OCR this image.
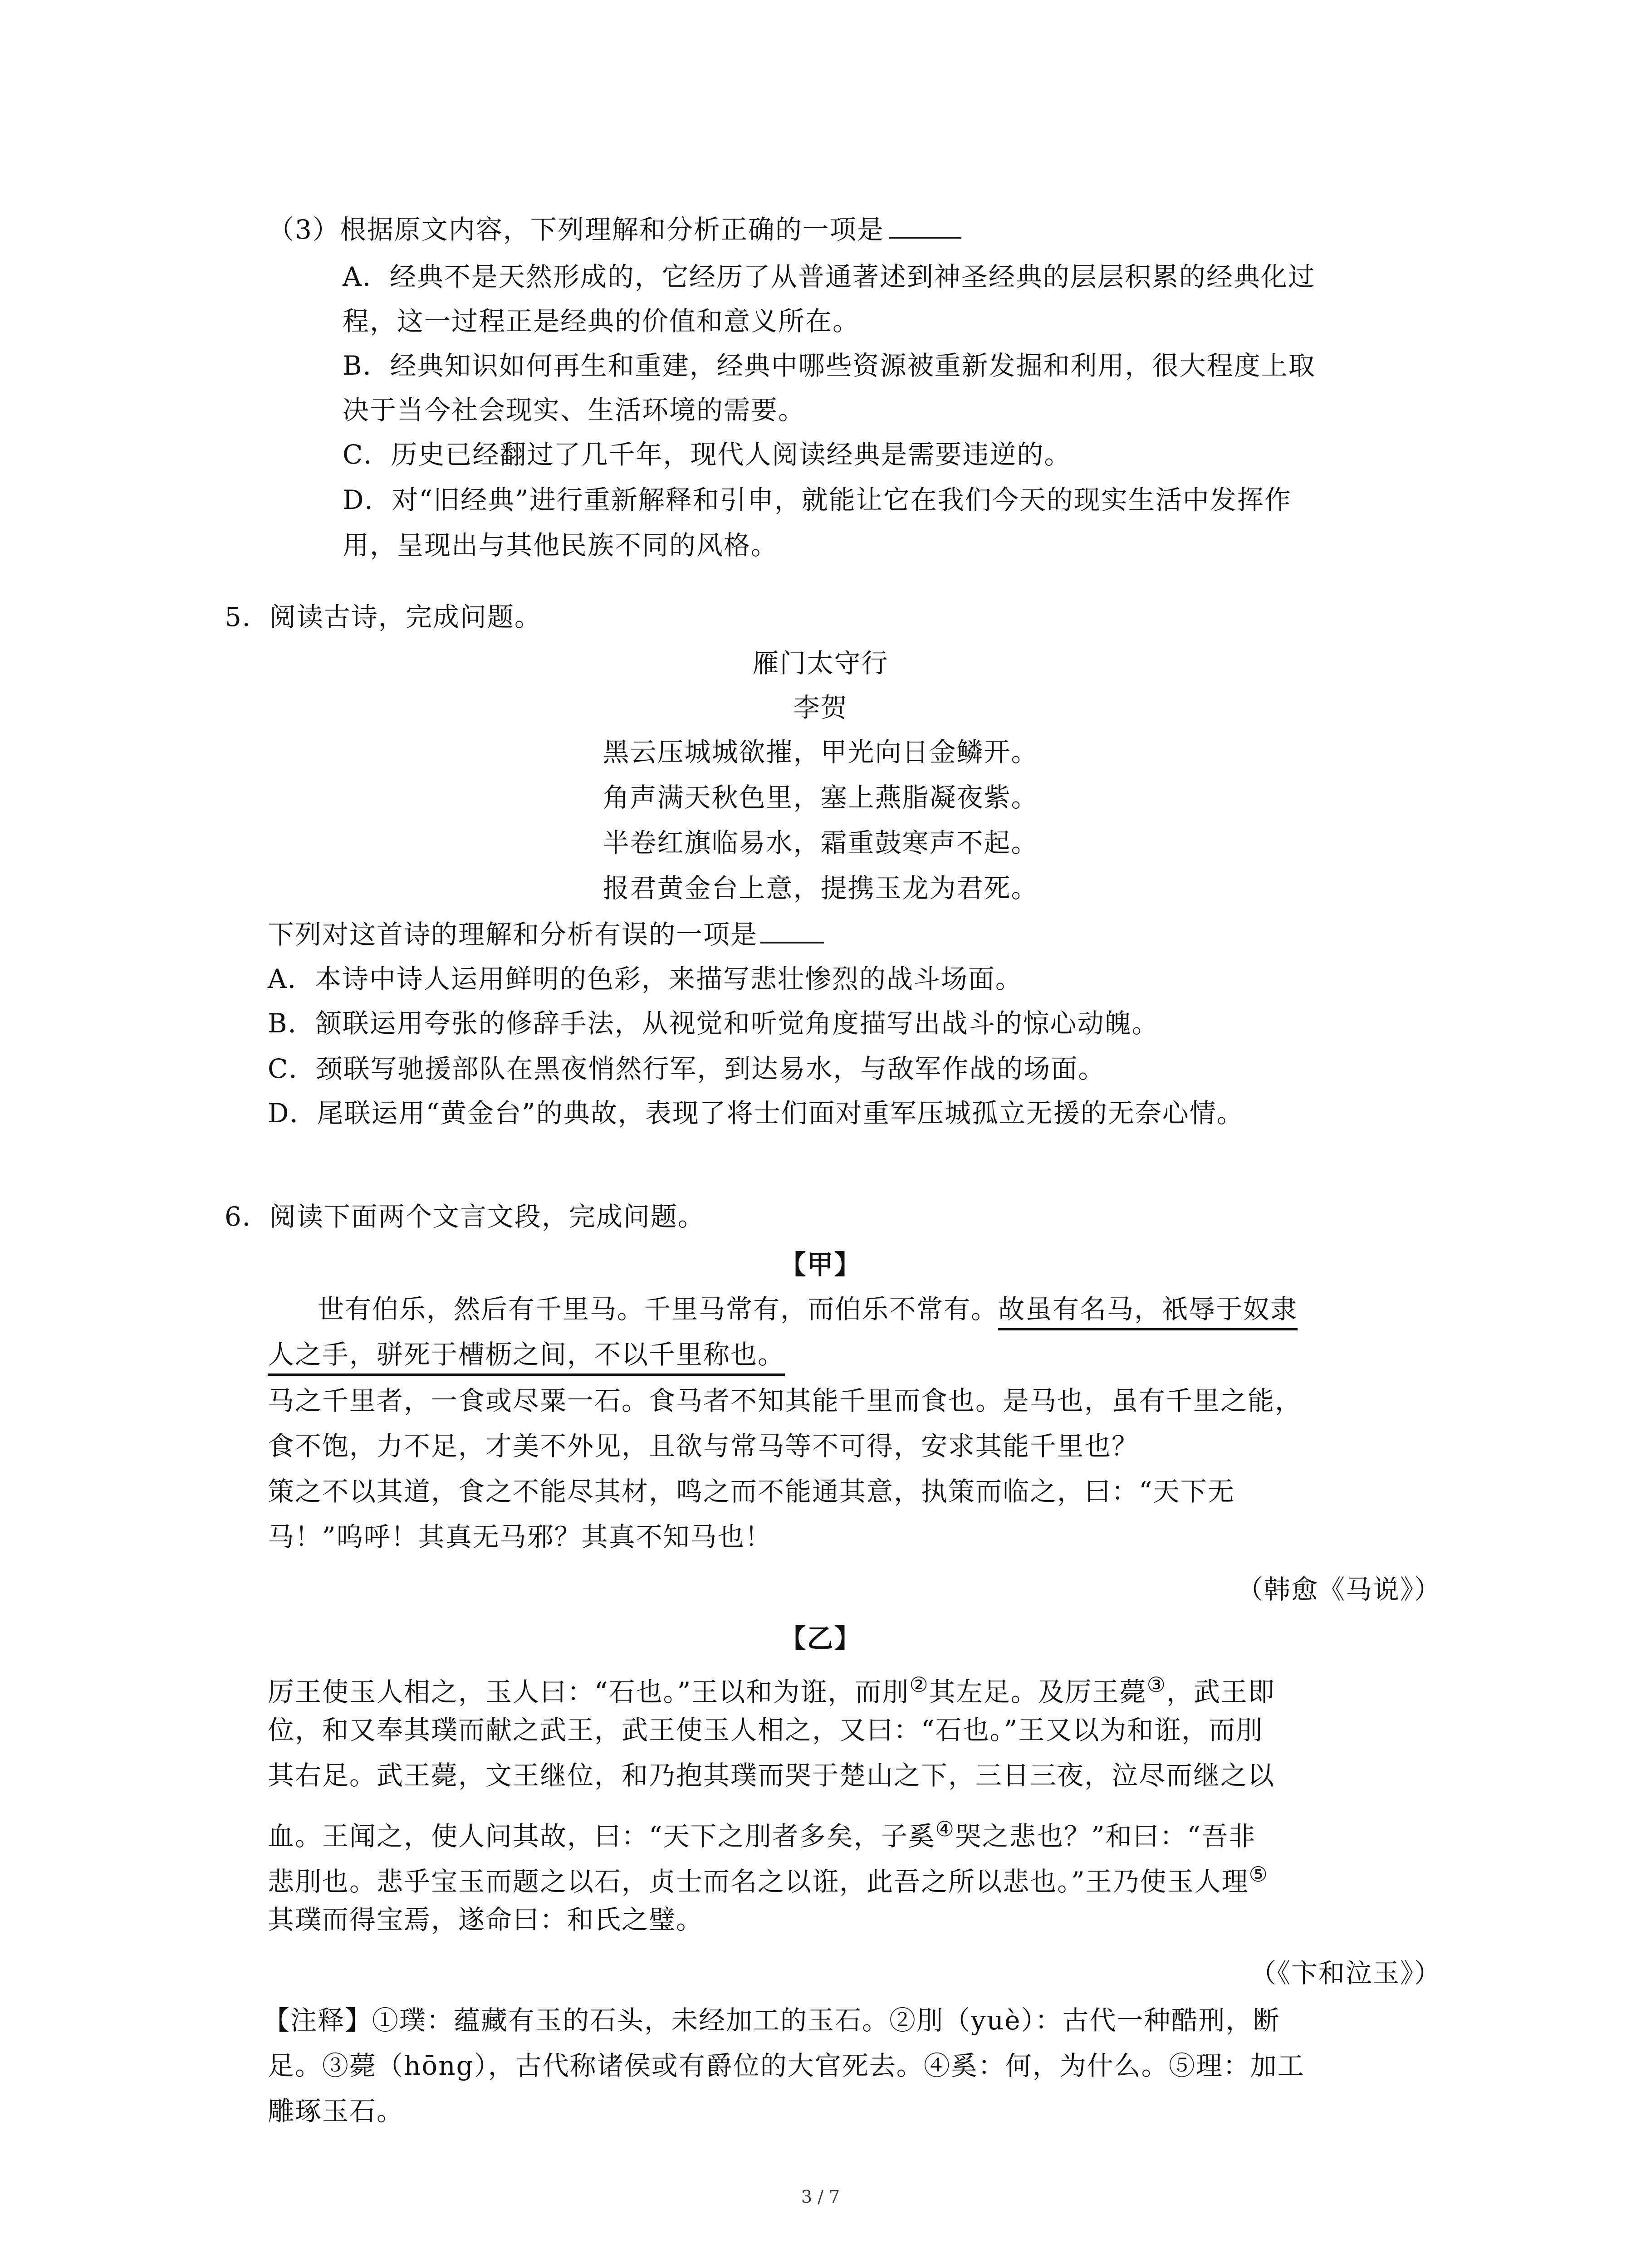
（3）根据原文内容，下列理解和分析正确的一项是
A．经典不是天然形成的，它经历了从普通著述到神圣经典的层层积累的经典化过
程，这一过程正是经典的价值和意义所在。
B．经典知识如何再生和重建，经典中哪些资源被重新发掘和利用，很大程度上取
决于当今社会现实、生活环境的需要。
C．历史已经翻过了几千年，现代人阅读经典是需要违逆的。
D．对“旧经典”进行重新解释和引申，就能让它在我们今天的现实生活中发挥作
用，呈现出与其他民族不同的风格。
5．阅读古诗，完成问题。
雁门太守行
李贺
黑云压城城欲摧，甲光向日金鳞开。
角声满天秋色里，塞上燕脂凝夜紫。
半卷红旗临易水，霜重鼓寒声不起。
报君黄金台上意，提携玉龙为君死。
下列对这首诗的理解和分析有误的一项是
A．本诗中诗人运用鲜明的色彩，来描写悲壮惨烈的战斗场面。
B．颔联运用夸张的修辞手法，从视觉和听觉角度描写出战斗的惊心动魄。
C．颈联写驰援部队在黑夜悄然行军，到达易水，与敌军作战的场面。
D．尾联运用“黄金台”的典故，表现了将士们面对重军压城孤立无援的无奈心情。
6．阅读下面两个文言文段，完成问题。
【甲】
世有伯乐，然后有千里马。千里马常有，而伯乐不常有。故虽有名马，祇辱于奴隶
人之手，骈死于槽枥之间，不以千里称也。
马之千里者，一食或尽粟一石。食马者不知其能千里而食也。是马也，虽有千里之能，
食不饱，力不足，才美不外见，且欲与常马等不可得，安求其能千里也？
策之不以其道，食之不能尽其材，鸣之而不能通其意，执策而临之，曰：“天下无
马！”呜呼！其真无马邪？其真不知马也！
（韩愈《马说》）
【乙】
厉王使玉人相之，玉人曰：“石也。”王以和为诳，而刖②其左足。及厉王薨③，武王即
位，和又奉其璞而献之武王，武王使玉人相之，又曰：“石也。”王又以为和诳，而刖
其右足。武王薨，文王继位，和乃抱其璞而哭于楚山之下，三日三夜，泣尽而继之以
血。王闻之，使人问其故，曰：“天下之刖者多矣，子奚④哭之悲也？”和曰：“吾非
悲刖也。悲乎宝玉而题之以石，贞士而名之以诳，此吾之所以悲也。”王乃使玉人理⑤
其璞而得宝焉，遂命曰：和氏之璧。
（《卞和泣玉》）
【注释】①璞：蕴藏有玉的石头，未经加工的玉石。②刖（yuè）：古代一种酷刑，断
足。③薨（hōng），古代称诸侯或有爵位的大官死去。④奚：何，为什么。⑤理：加工
雕琢玉石。
3 / 7
